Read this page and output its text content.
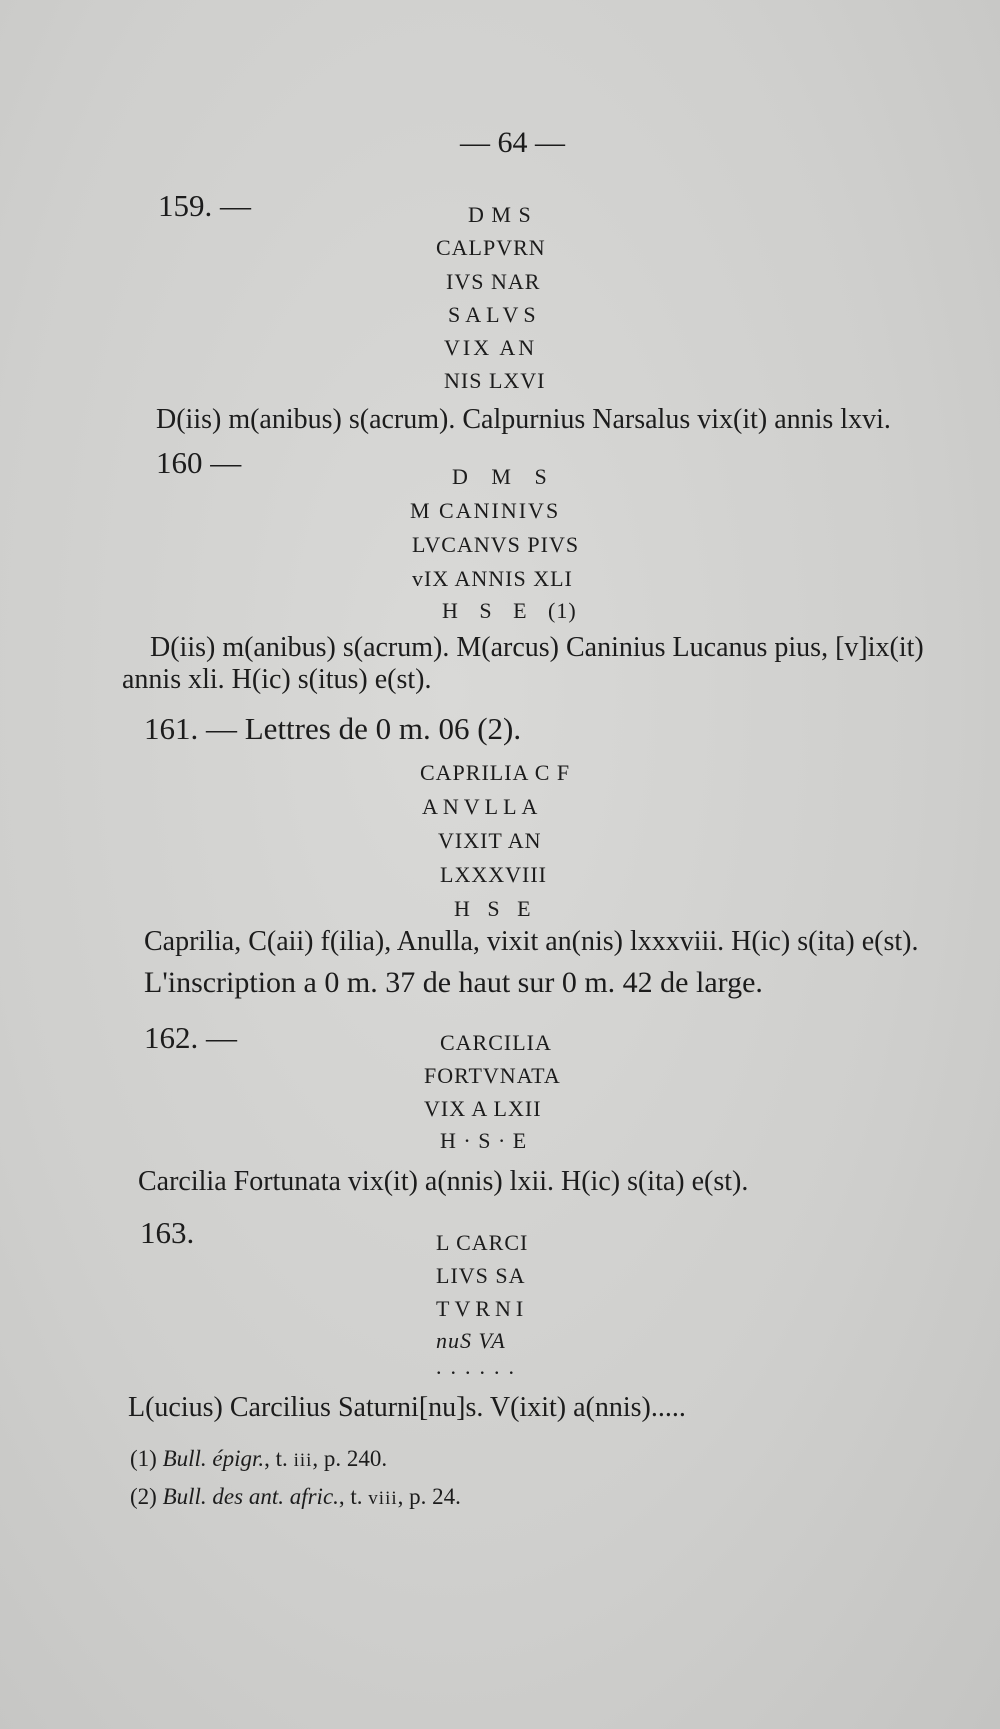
— 64 —
159. —	D M S
CALPVRN
IVS NAR
SALVS
VIX AN
NIS LXVI
D(iis) m(anibus) s(acrum). Calpurnius Narsalus vix(it) annis lxvi.
160 —	D M S
M CANINIVS
LVCANVS PIVS
vIX ANNIS XLI
H S E (1)
D(iis) m(anibus) s(acrum). M(arcus) Caninius Lucanus pius, [v]ix(it)
annis xli. H(ic) s(itus) e(st).
161. — Lettres de 0 m. 06 (2).
CAPRILIA C F
ANVLLA
VIXIT AN
LXXXVIII
H S E
Caprilia, C(aii) f(ilia), Anulla, vixit an(nis) lxxxviii. H(ic) s(ita) e(st).
L'inscription a 0 m. 37 de haut sur 0 m. 42 de large.
162. —	CARCILIA
FORTVNATA
VIX A LXII
H · S · E
Carcilia Fortunata vix(it) a(nnis) lxii. H(ic) s(ita) e(st).
163.	L CARCI
LIVS SA
TVRNI
nuS VA
......
L(ucius) Carcilius Saturni[nu]s. V(ixit) a(nnis).....
(1) Bull. épigr., t. iii, p. 240.
(2) Bull. des ant. afric., t. viii, p. 24.
